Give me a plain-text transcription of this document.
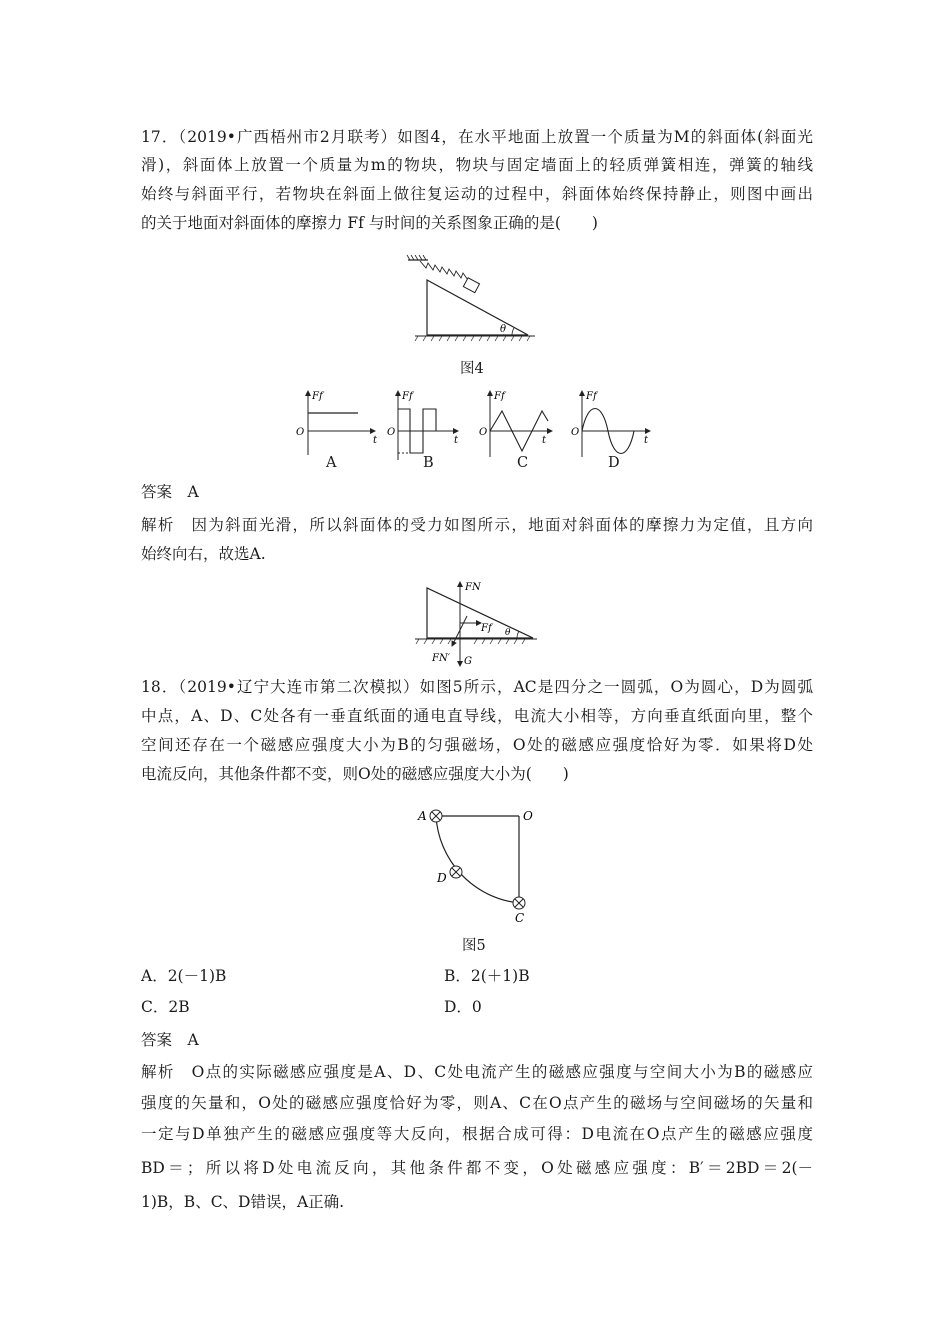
17．（2019•广西梧州市2月联考）如图4，在水平地面上放置一个质量为M的斜面体(斜面光
滑)，斜面体上放置一个质量为m的物块，物块与固定墙面上的轻质弹簧相连，弹簧的轴线
始终与斜面平行，若物块在斜面上做往复运动的过程中，斜面体始终保持静止，则图中画出
的关于地面对斜面体的摩擦力 Ff 与时间的关系图象正确的是(　　)
θ
图4
Ff
O
t
Ff
O
t
Ff
O
t
Ff
O
t
A	B	C	D
答案　A
解析　因为斜面光滑，所以斜面体的受力如图所示，地面对斜面体的摩擦力为定值，且方向
始终向右，故选A.
θ
FN
Ff
FN′ G
18．（2019•辽宁大连市第二次模拟）如图5所示，AC是四分之一圆弧，O为圆心，D为圆弧
中点，A、D、C处各有一垂直纸面的通电直导线，电流大小相等，方向垂直纸面向里，整个
空间还存在一个磁感应强度大小为B的匀强磁场，O处的磁感应强度恰好为零．如果将D处
电流反向，其他条件都不变，则O处的磁感应强度大小为(　　)
A	O
D
C
图5
A．2(－1)B	B．2(＋1)B
C．2B	D．0
答案　A
解析　O点的实际磁感应强度是A、D、C处电流产生的磁感应强度与空间大小为B的磁感应
强度的矢量和，O处的磁感应强度恰好为零，则A、C在O点产生的磁场与空间磁场的矢量和
一定与D单独产生的磁感应强度等大反向，根据合成可得：D电流在O点产生的磁感应强度
BD＝；所以将D处电流反向，其他条件都不变，O处磁感应强度：B′＝2BD＝2(－
1)B，B、C、D错误，A正确.
